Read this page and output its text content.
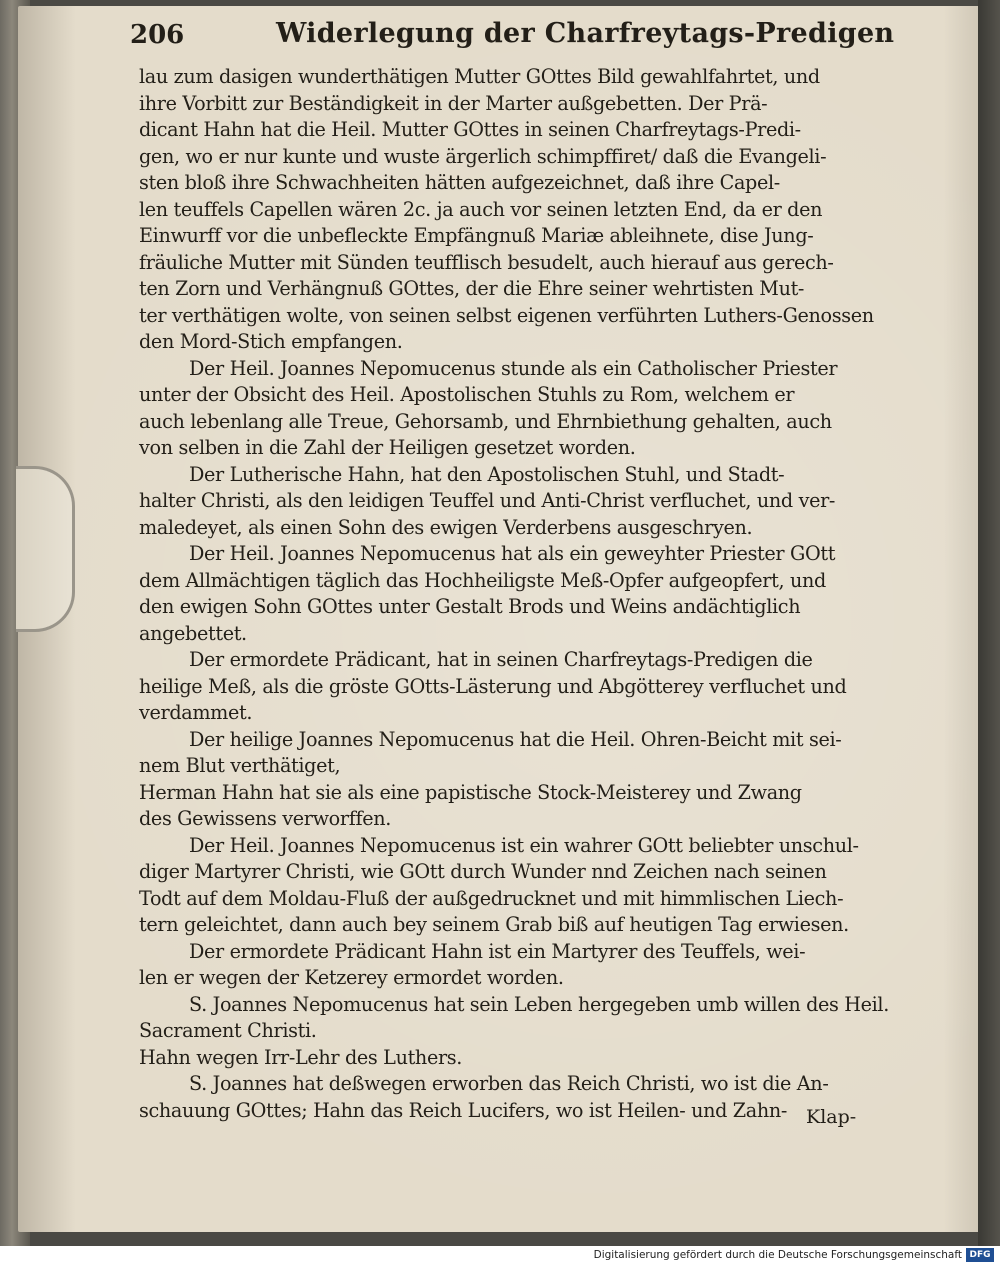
206	Widerlegung der Charfreytags-Predigen
lau zum dasigen wunderthätigen Mutter GOttes Bild gewahlfahrtet, und
ihre Vorbitt zur Beständigkeit in der Marter außgebetten. Der Prä-
dicant Hahn hat die Heil. Mutter GOttes in seinen Charfreytags-Predi-
gen, wo er nur kunte und wuste ärgerlich schimpffiret/ daß die Evangeli-
sten bloß ihre Schwachheiten hätten aufgezeichnet, daß ihre Capel-
len teuffels Capellen wären 2c. ja auch vor seinen letzten End, da er den
Einwurff vor die unbefleckte Empfängnuß Mariæ ableihnete, dise Jung-
fräuliche Mutter mit Sünden teufflisch besudelt, auch hierauf aus gerech-
ten Zorn und Verhängnuß GOttes, der die Ehre seiner wehrtisten Mut-
ter verthätigen wolte, von seinen selbst eigenen verführten Luthers-Genossen
den Mord-Stich empfangen.
Der Heil. Joannes Nepomucenus stunde als ein Catholischer Priester
unter der Obsicht des Heil. Apostolischen Stuhls zu Rom, welchem er
auch lebenlang alle Treue, Gehorsamb, und Ehrnbiethung gehalten, auch
von selben in die Zahl der Heiligen gesetzet worden.
Der Lutherische Hahn, hat den Apostolischen Stuhl, und Stadt-
halter Christi, als den leidigen Teuffel und Anti-Christ verfluchet, und ver-
maledeyet, als einen Sohn des ewigen Verderbens ausgeschryen.
Der Heil. Joannes Nepomucenus hat als ein geweyhter Priester GOtt
dem Allmächtigen täglich das Hochheiligste Meß-Opfer aufgeopfert, und
den ewigen Sohn GOttes unter Gestalt Brods und Weins andächtiglich
angebettet.
Der ermordete Prädicant, hat in seinen Charfreytags-Predigen die
heilige Meß, als die gröste GOtts-Lästerung und Abgötterey verfluchet und
verdammet.
Der heilige Joannes Nepomucenus hat die Heil. Ohren-Beicht mit sei-
nem Blut verthätiget,
Herman Hahn hat sie als eine papistische Stock-Meisterey und Zwang
des Gewissens verworffen.
Der Heil. Joannes Nepomucenus ist ein wahrer GOtt beliebter unschul-
diger Martyrer Christi, wie GOtt durch Wunder nnd Zeichen nach seinen
Todt auf dem Moldau-Fluß der außgedrucknet und mit himmlischen Liech-
tern geleichtet, dann auch bey seinem Grab biß auf heutigen Tag erwiesen.
Der ermordete Prädicant Hahn ist ein Martyrer des Teuffels, wei-
len er wegen der Ketzerey ermordet worden.
S. Joannes Nepomucenus hat sein Leben hergegeben umb willen des Heil.
Sacrament Christi.
Hahn wegen Irr-Lehr des Luthers.
S. Joannes hat deßwegen erworben das Reich Christi, wo ist die An-
schauung GOttes; Hahn das Reich Lucifers, wo ist Heilen- und Zahn- Klap-
Digitalisierung gefördert durch die Deutsche Forschungsgemeinschaft DFG
